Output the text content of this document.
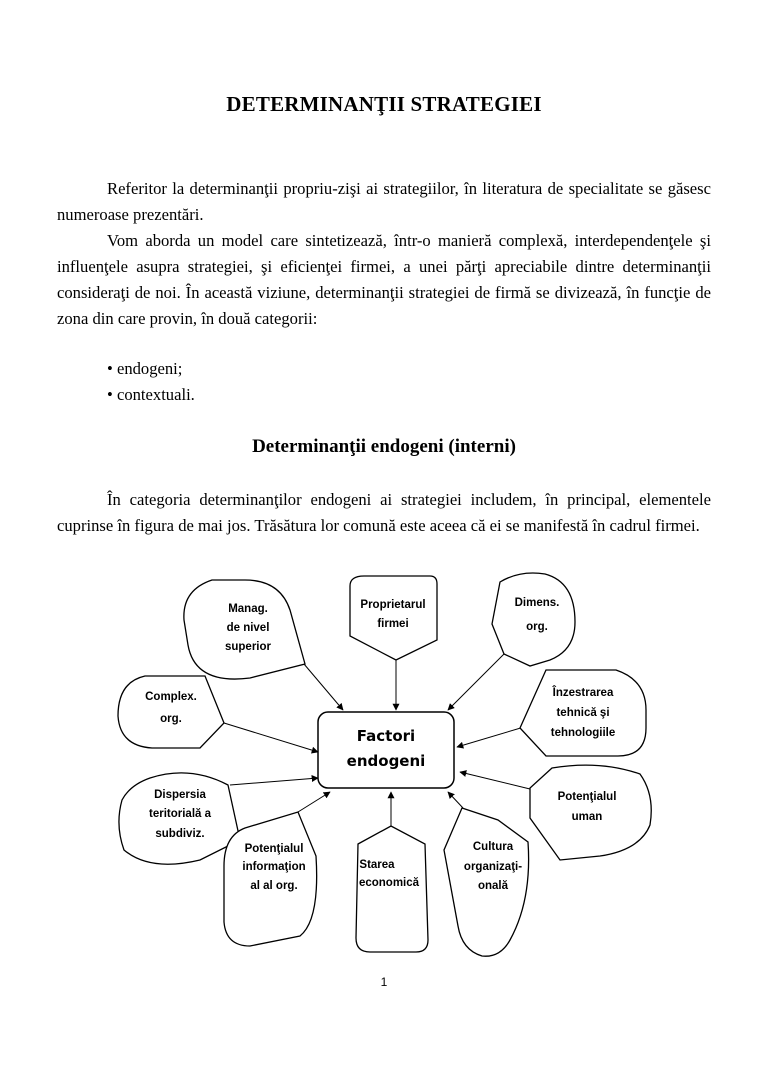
DETERMINANŢII STRATEGIEI
Referitor la determinanţii propriu-zişi ai strategiilor, în literatura de specialitate se găsesc numeroase prezentări.
Vom aborda un model care sintetizează, într-o manieră complexă, interdependenţele şi influenţele asupra strategiei, şi eficienţei firmei, a unei părţi apreciabile dintre determinanţii consideraţi de noi. În această viziune, determinanţii strategiei de firmă se divizează, în funcţie de zona din care provin, în două categorii:
• endogeni;
• contextuali.
Determinanţii endogeni (interni)
În categoria determinanţilor endogeni ai strategiei includem, în principal, elementele cuprinse în figura de mai jos. Trăsătura lor comună este aceea că ei se manifestă în cadrul firmei.
Factori
endogeni
Manag.
de nivel
superior
Proprietarul
firmei
Dimens.
org.
Complex.
org.
Înzestrarea
tehnică şi
tehnologiile
Dispersia
teritorială a
subdiviz.
Potenţialul
uman
Potenţialul
informaţion
al al org.
Starea
economică
Cultura
organizaţi-
onală
1
